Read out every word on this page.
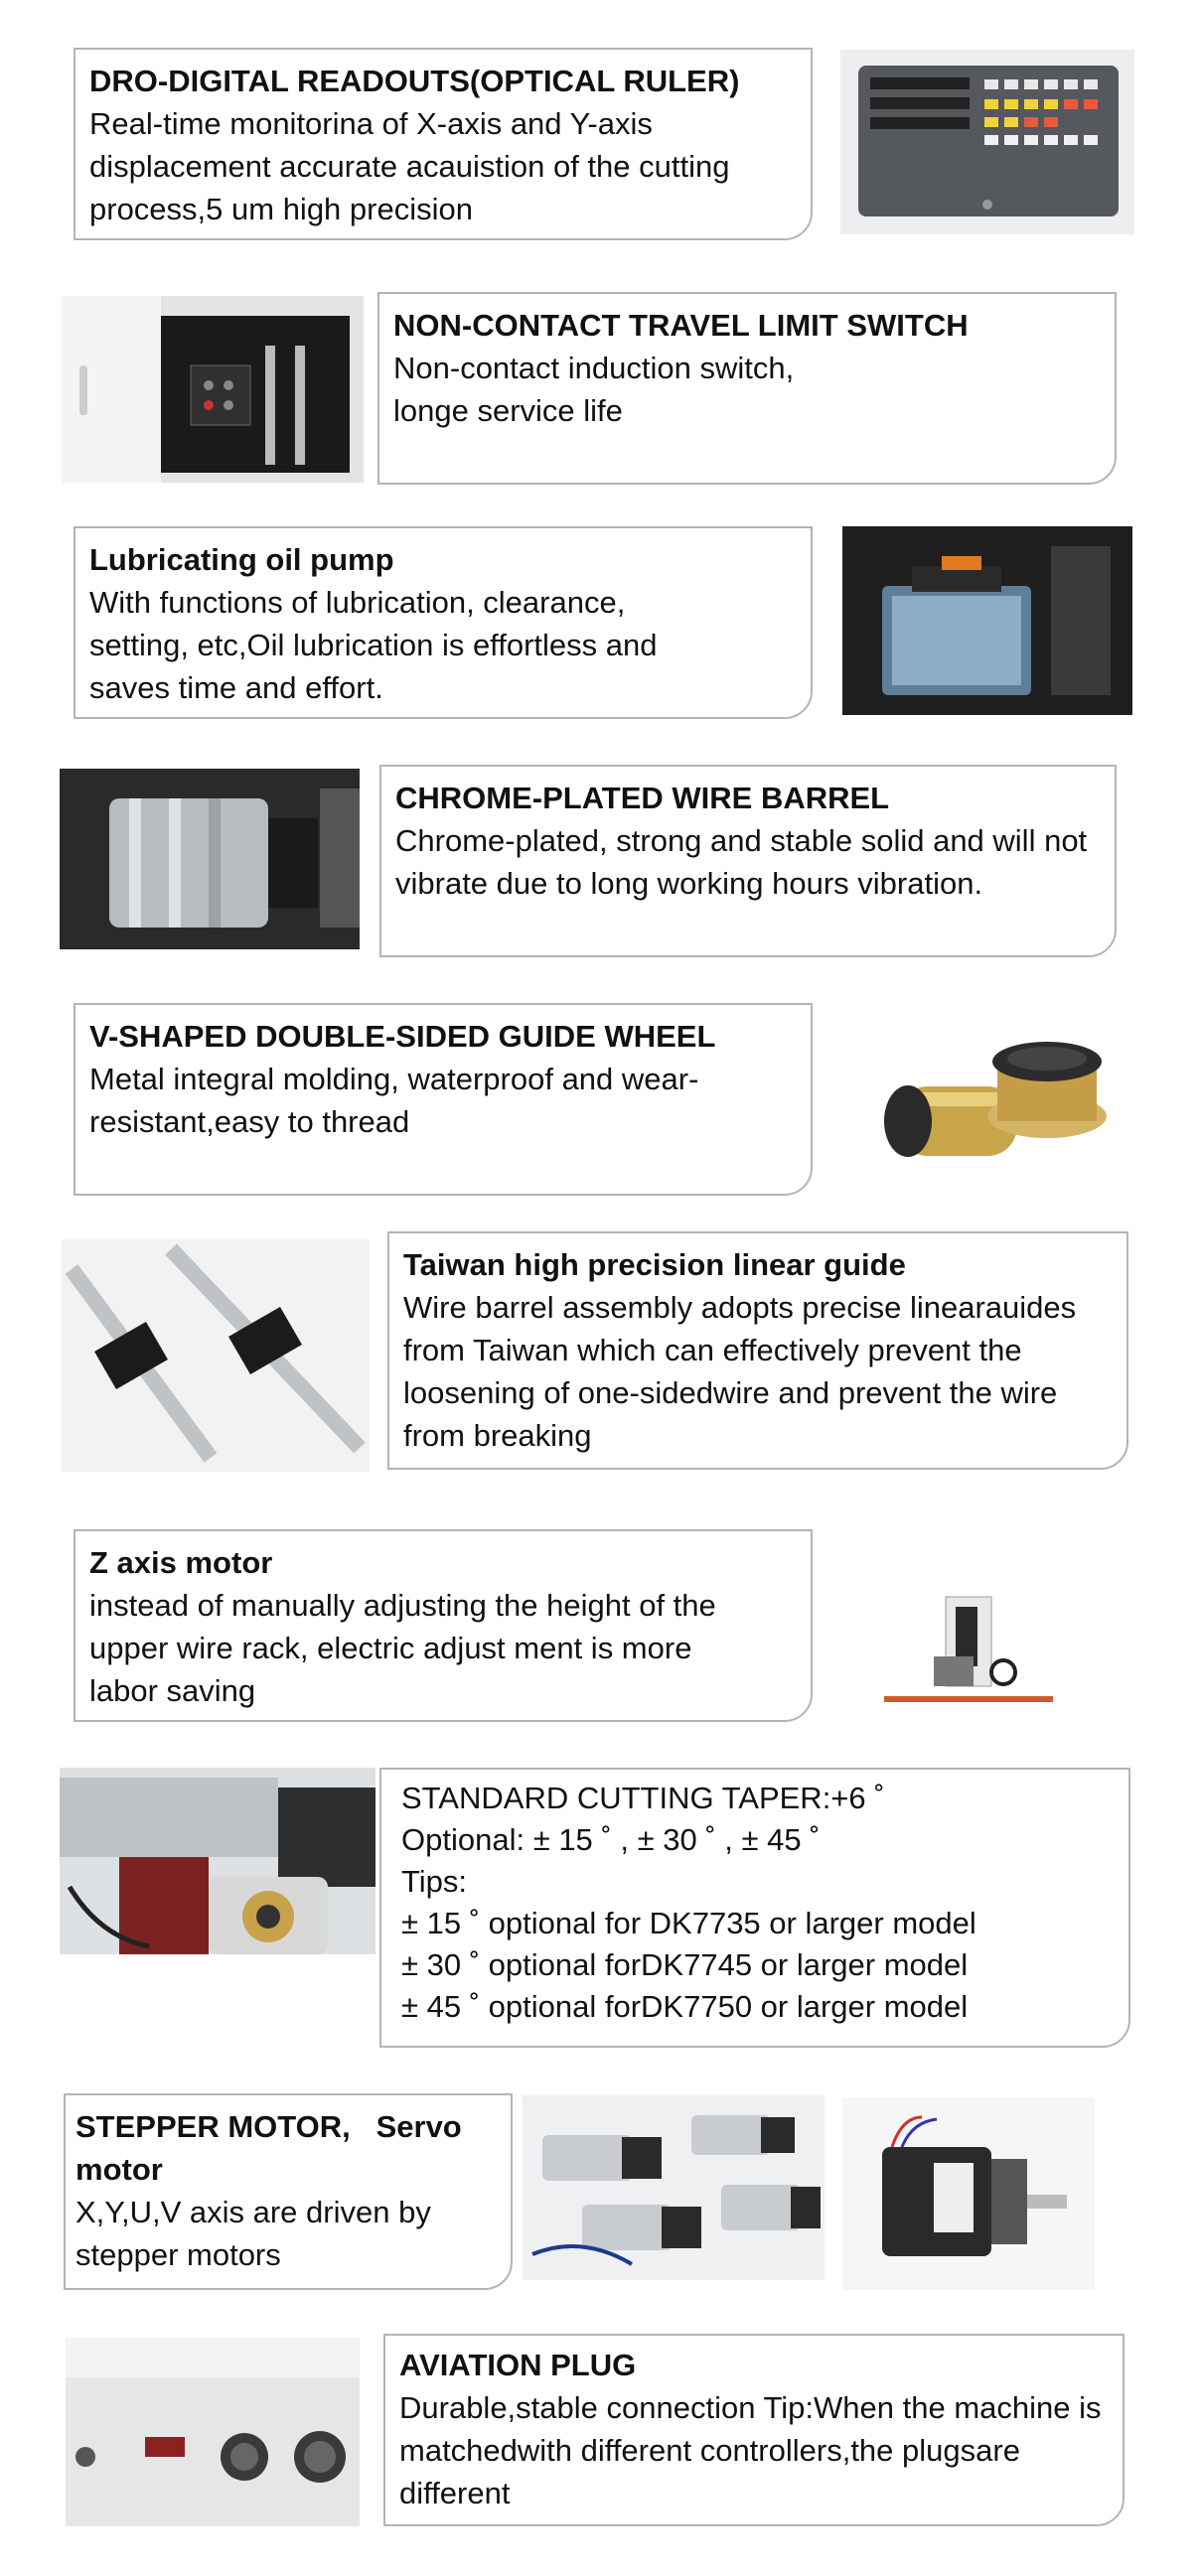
DRO-DIGITAL READOUTS(OPTICAL RULER)
Real-time monitorina of X-axis and Y-axis displacement accurate acauistion of the cutting process,5 um high precision
NON-CONTACT TRAVEL LIMIT SWITCH
Non-contact induction switch, longe service life
Lubricating oil pump
With functions of lubrication, clearance, setting, etc,Oil lubrication is effortless and saves time and effort.
CHROME-PLATED WIRE BARREL
Chrome-plated, strong and stable solid and will not vibrate due to long working hours vibration.
V-SHAPED DOUBLE-SIDED GUIDE WHEEL
Metal integral molding, waterproof and wear-resistant,easy to thread
Taiwan high precision linear guide
Wire barrel assembly adopts precise linearauides from Taiwan which can effectively prevent the loosening of one-sidedwire and prevent the wire from breaking
Z axis motor
instead of manually adjusting the height of the upper wire rack, electric adjust ment is more labor saving
STANDARD CUTTING TAPER:+6 ˚
Optional: ± 15 ˚ , ± 30 ˚ , ± 45 ˚
Tips:
± 15 ˚ optional for DK7735 or larger model
± 30 ˚ optional forDK7745 or larger model
± 45 ˚ optional forDK7750 or larger model
STEPPER MOTOR,   Servo motor
X,Y,U,V axis are driven by stepper motors
AVIATION PLUG
Durable,stable connection Tip:When the machine is matchedwith different controllers,the plugsare different
